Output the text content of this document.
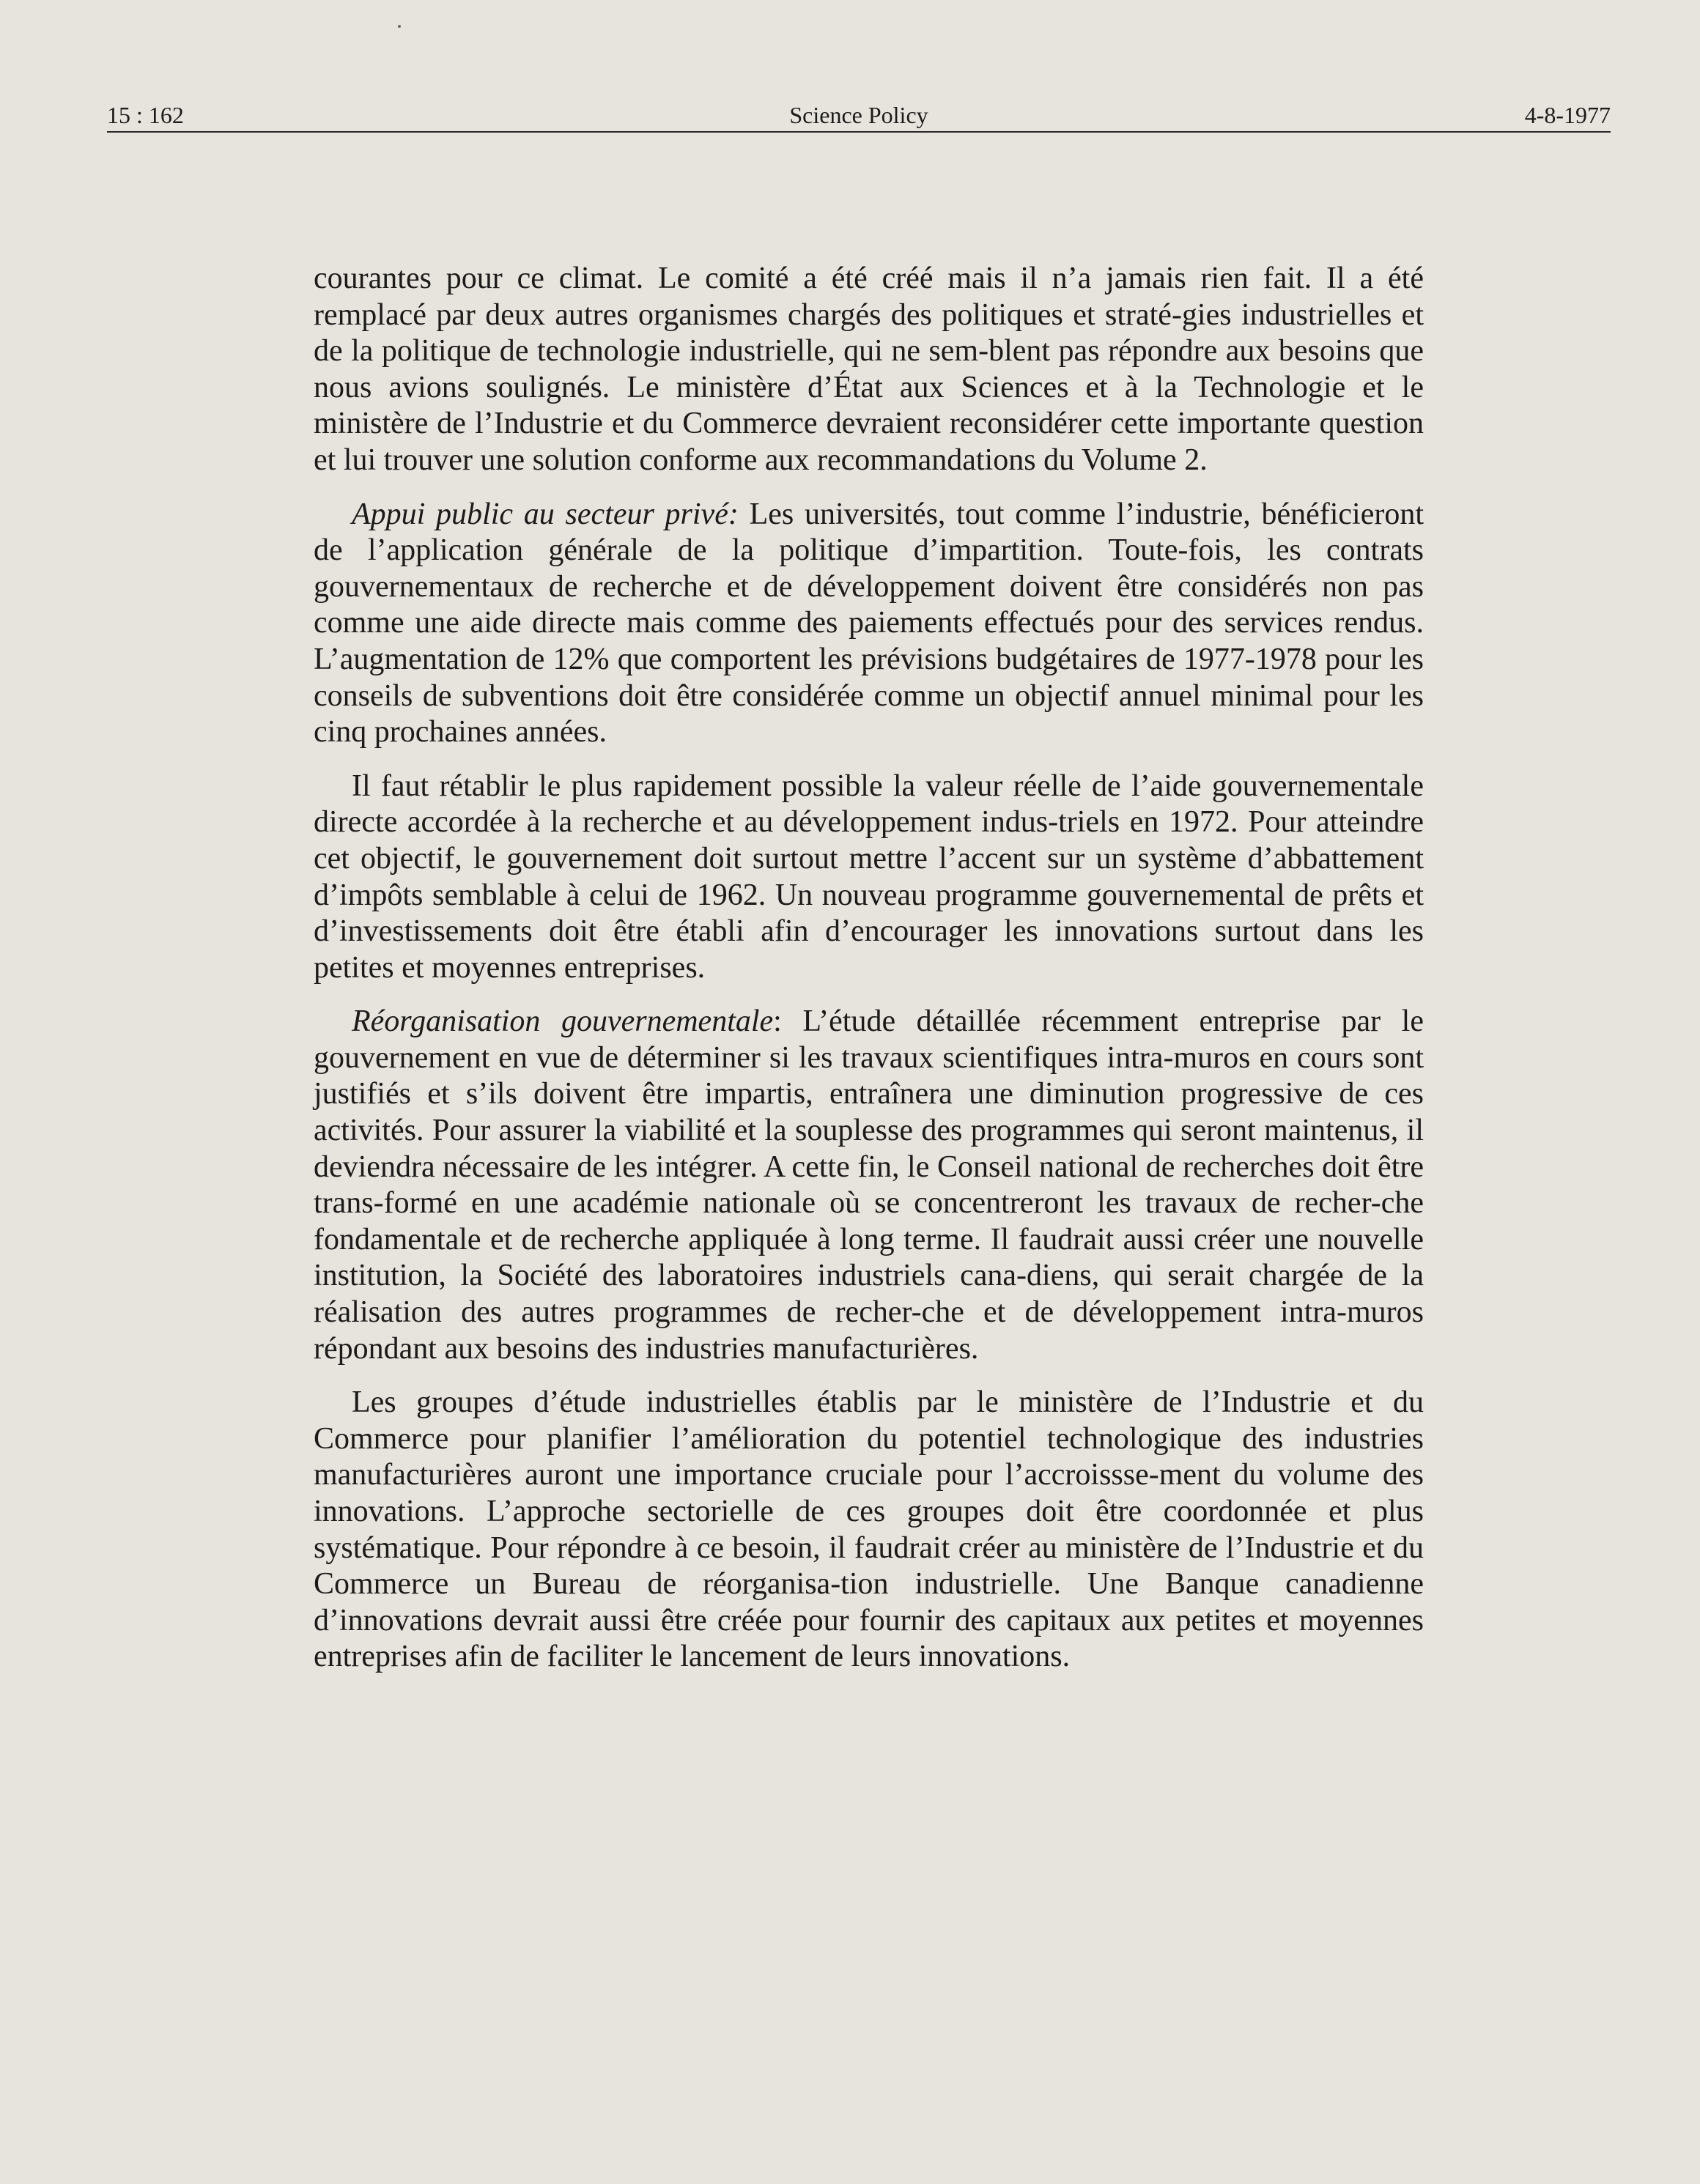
15 : 162	Science Policy	4-8-1977

courantes pour ce climat. Le comité a été créé mais il n’a jamais rien fait. Il a été remplacé par deux autres organismes chargés des politiques et straté-gies industrielles et de la politique de technologie industrielle, qui ne sem-blent pas répondre aux besoins que nous avions soulignés. Le ministère d’État aux Sciences et à la Technologie et le ministère de l’Industrie et du Commerce devraient reconsidérer cette importante question et lui trouver une solution conforme aux recommandations du Volume 2.

Appui public au secteur privé: Les universités, tout comme l’industrie, bénéficieront de l’application générale de la politique d’impartition. Toute-fois, les contrats gouvernementaux de recherche et de développement doivent être considérés non pas comme une aide directe mais comme des paiements effectués pour des services rendus. L’augmentation de 12% que comportent les prévisions budgétaires de 1977-1978 pour les conseils de subventions doit être considérée comme un objectif annuel minimal pour les cinq prochaines années.

Il faut rétablir le plus rapidement possible la valeur réelle de l’aide gouvernementale directe accordée à la recherche et au développement indus-triels en 1972. Pour atteindre cet objectif, le gouvernement doit surtout mettre l’accent sur un système d’abbattement d’impôts semblable à celui de 1962. Un nouveau programme gouvernemental de prêts et d’investissements doit être établi afin d’encourager les innovations surtout dans les petites et moyennes entreprises.

Réorganisation gouvernementale: L’étude détaillée récemment entreprise par le gouvernement en vue de déterminer si les travaux scientifiques intra-muros en cours sont justifiés et s’ils doivent être impartis, entraînera une diminution progressive de ces activités. Pour assurer la viabilité et la souplesse des programmes qui seront maintenus, il deviendra nécessaire de les intégrer. A cette fin, le Conseil national de recherches doit être trans-formé en une académie nationale où se concentreront les travaux de recher-che fondamentale et de recherche appliquée à long terme. Il faudrait aussi créer une nouvelle institution, la Société des laboratoires industriels cana-diens, qui serait chargée de la réalisation des autres programmes de recher-che et de développement intra-muros répondant aux besoins des industries manufacturières.

Les groupes d’étude industrielles établis par le ministère de l’Industrie et du Commerce pour planifier l’amélioration du potentiel technologique des industries manufacturières auront une importance cruciale pour l’accroissse-ment du volume des innovations. L’approche sectorielle de ces groupes doit être coordonnée et plus systématique. Pour répondre à ce besoin, il faudrait créer au ministère de l’Industrie et du Commerce un Bureau de réorganisa-tion industrielle. Une Banque canadienne d’innovations devrait aussi être créée pour fournir des capitaux aux petites et moyennes entreprises afin de faciliter le lancement de leurs innovations.
